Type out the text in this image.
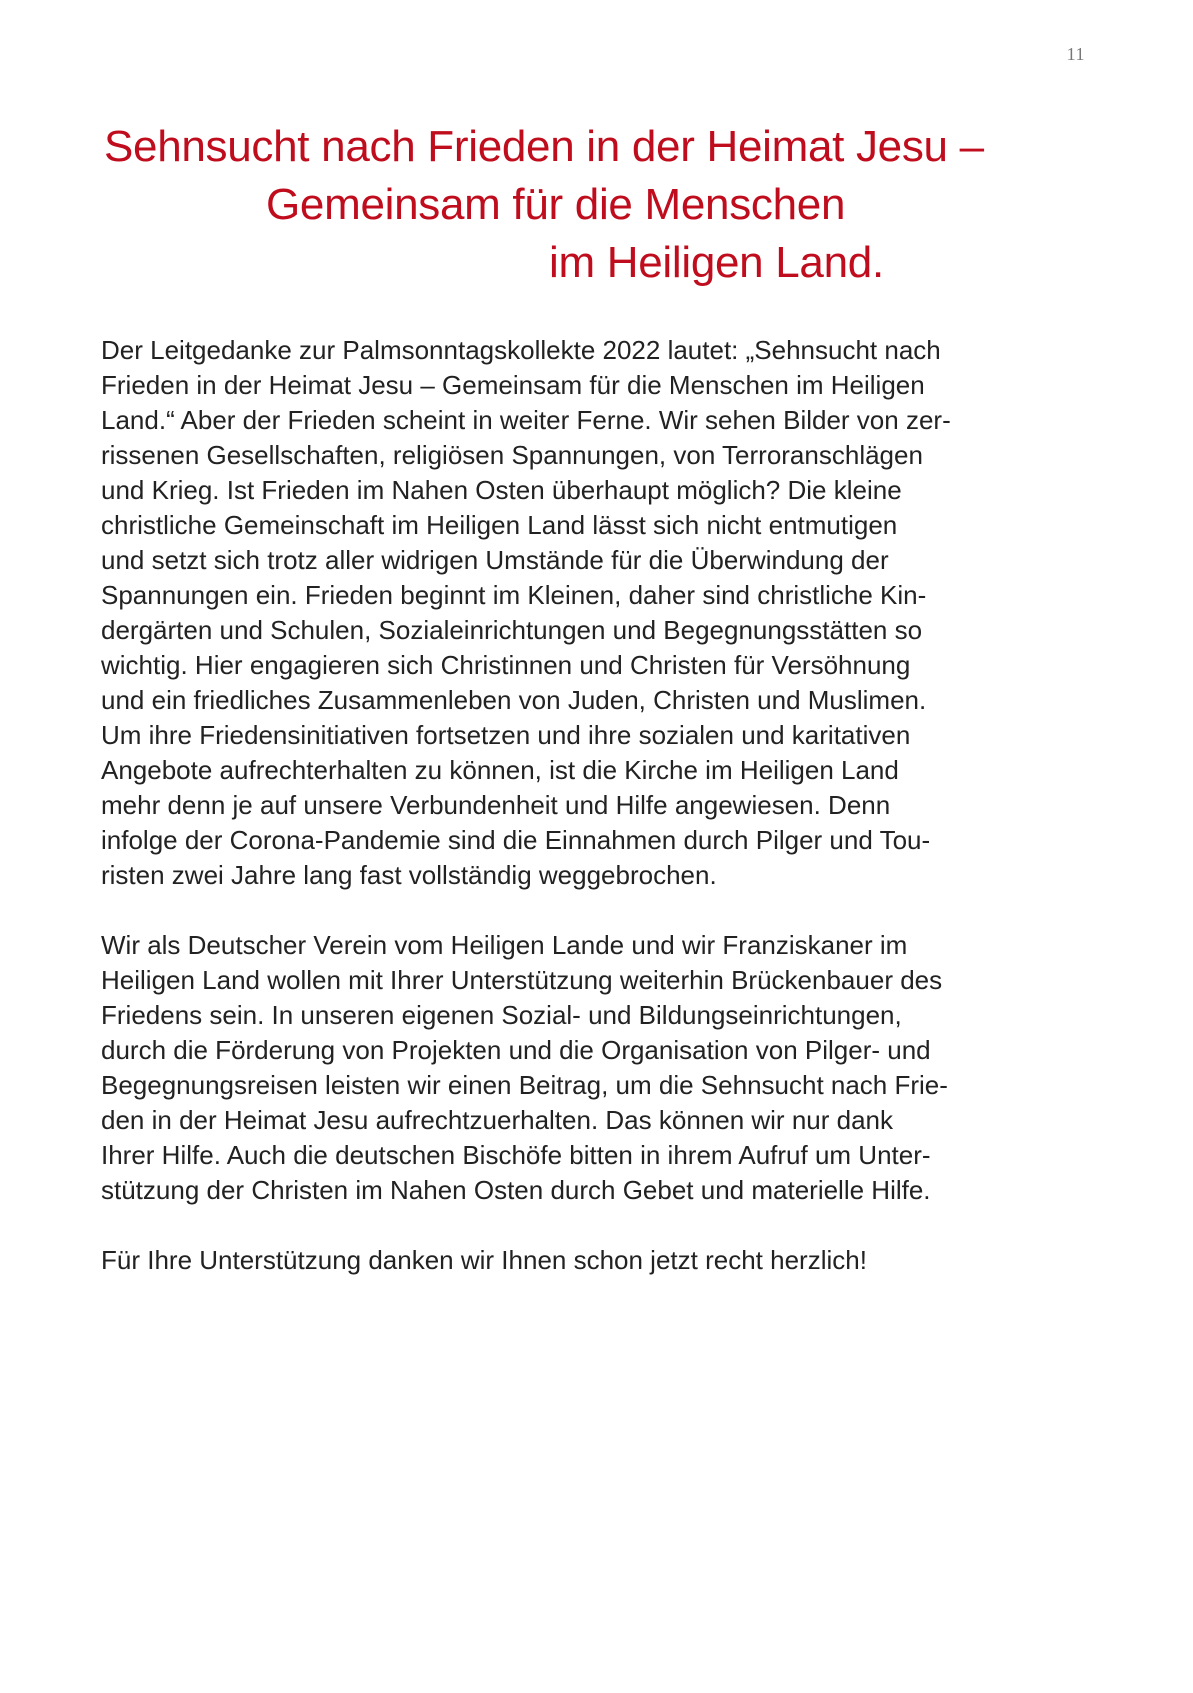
11
Sehnsucht nach Frieden in der Heimat Jesu –
Gemeinsam für die Menschen
im Heiligen Land.

Der Leitgedanke zur Palmsonntagskollekte 2022 lautet: „Sehnsucht nach
Frieden in der Heimat Jesu – Gemeinsam für die Menschen im Heiligen
Land.“ Aber der Frieden scheint in weiter Ferne. Wir sehen Bilder von zer-
rissenen Gesellschaften, religiösen Spannungen, von Terroranschlägen
und Krieg. Ist Frieden im Nahen Osten überhaupt möglich? Die kleine
christliche Gemeinschaft im Heiligen Land lässt sich nicht entmutigen
und setzt sich trotz aller widrigen Umstände für die Überwindung der
Spannungen ein. Frieden beginnt im Kleinen, daher sind christliche Kin-
dergärten und Schulen, Sozialeinrichtungen und Begegnungsstätten so
wichtig. Hier engagieren sich Christinnen und Christen für Versöhnung
und ein friedliches Zusammenleben von Juden, Christen und Muslimen.
Um ihre Friedensinitiativen fortsetzen und ihre sozialen und karitativen
Angebote aufrechterhalten zu können, ist die Kirche im Heiligen Land
mehr denn je auf unsere Verbundenheit und Hilfe angewiesen. Denn
infolge der Corona-Pandemie sind die Einnahmen durch Pilger und Tou-
risten zwei Jahre lang fast vollständig weggebrochen.

Wir als Deutscher Verein vom Heiligen Lande und wir Franziskaner im
Heiligen Land wollen mit Ihrer Unterstützung weiterhin Brückenbauer des
Friedens sein. In unseren eigenen Sozial- und Bildungseinrichtungen,
durch die Förderung von Projekten und die Organisation von Pilger- und
Begegnungsreisen leisten wir einen Beitrag, um die Sehnsucht nach Frie-
den in der Heimat Jesu aufrechtzuerhalten. Das können wir nur dank
Ihrer Hilfe. Auch die deutschen Bischöfe bitten in ihrem Aufruf um Unter-
stützung der Christen im Nahen Osten durch Gebet und materielle Hilfe.

Für Ihre Unterstützung danken wir Ihnen schon jetzt recht herzlich!
